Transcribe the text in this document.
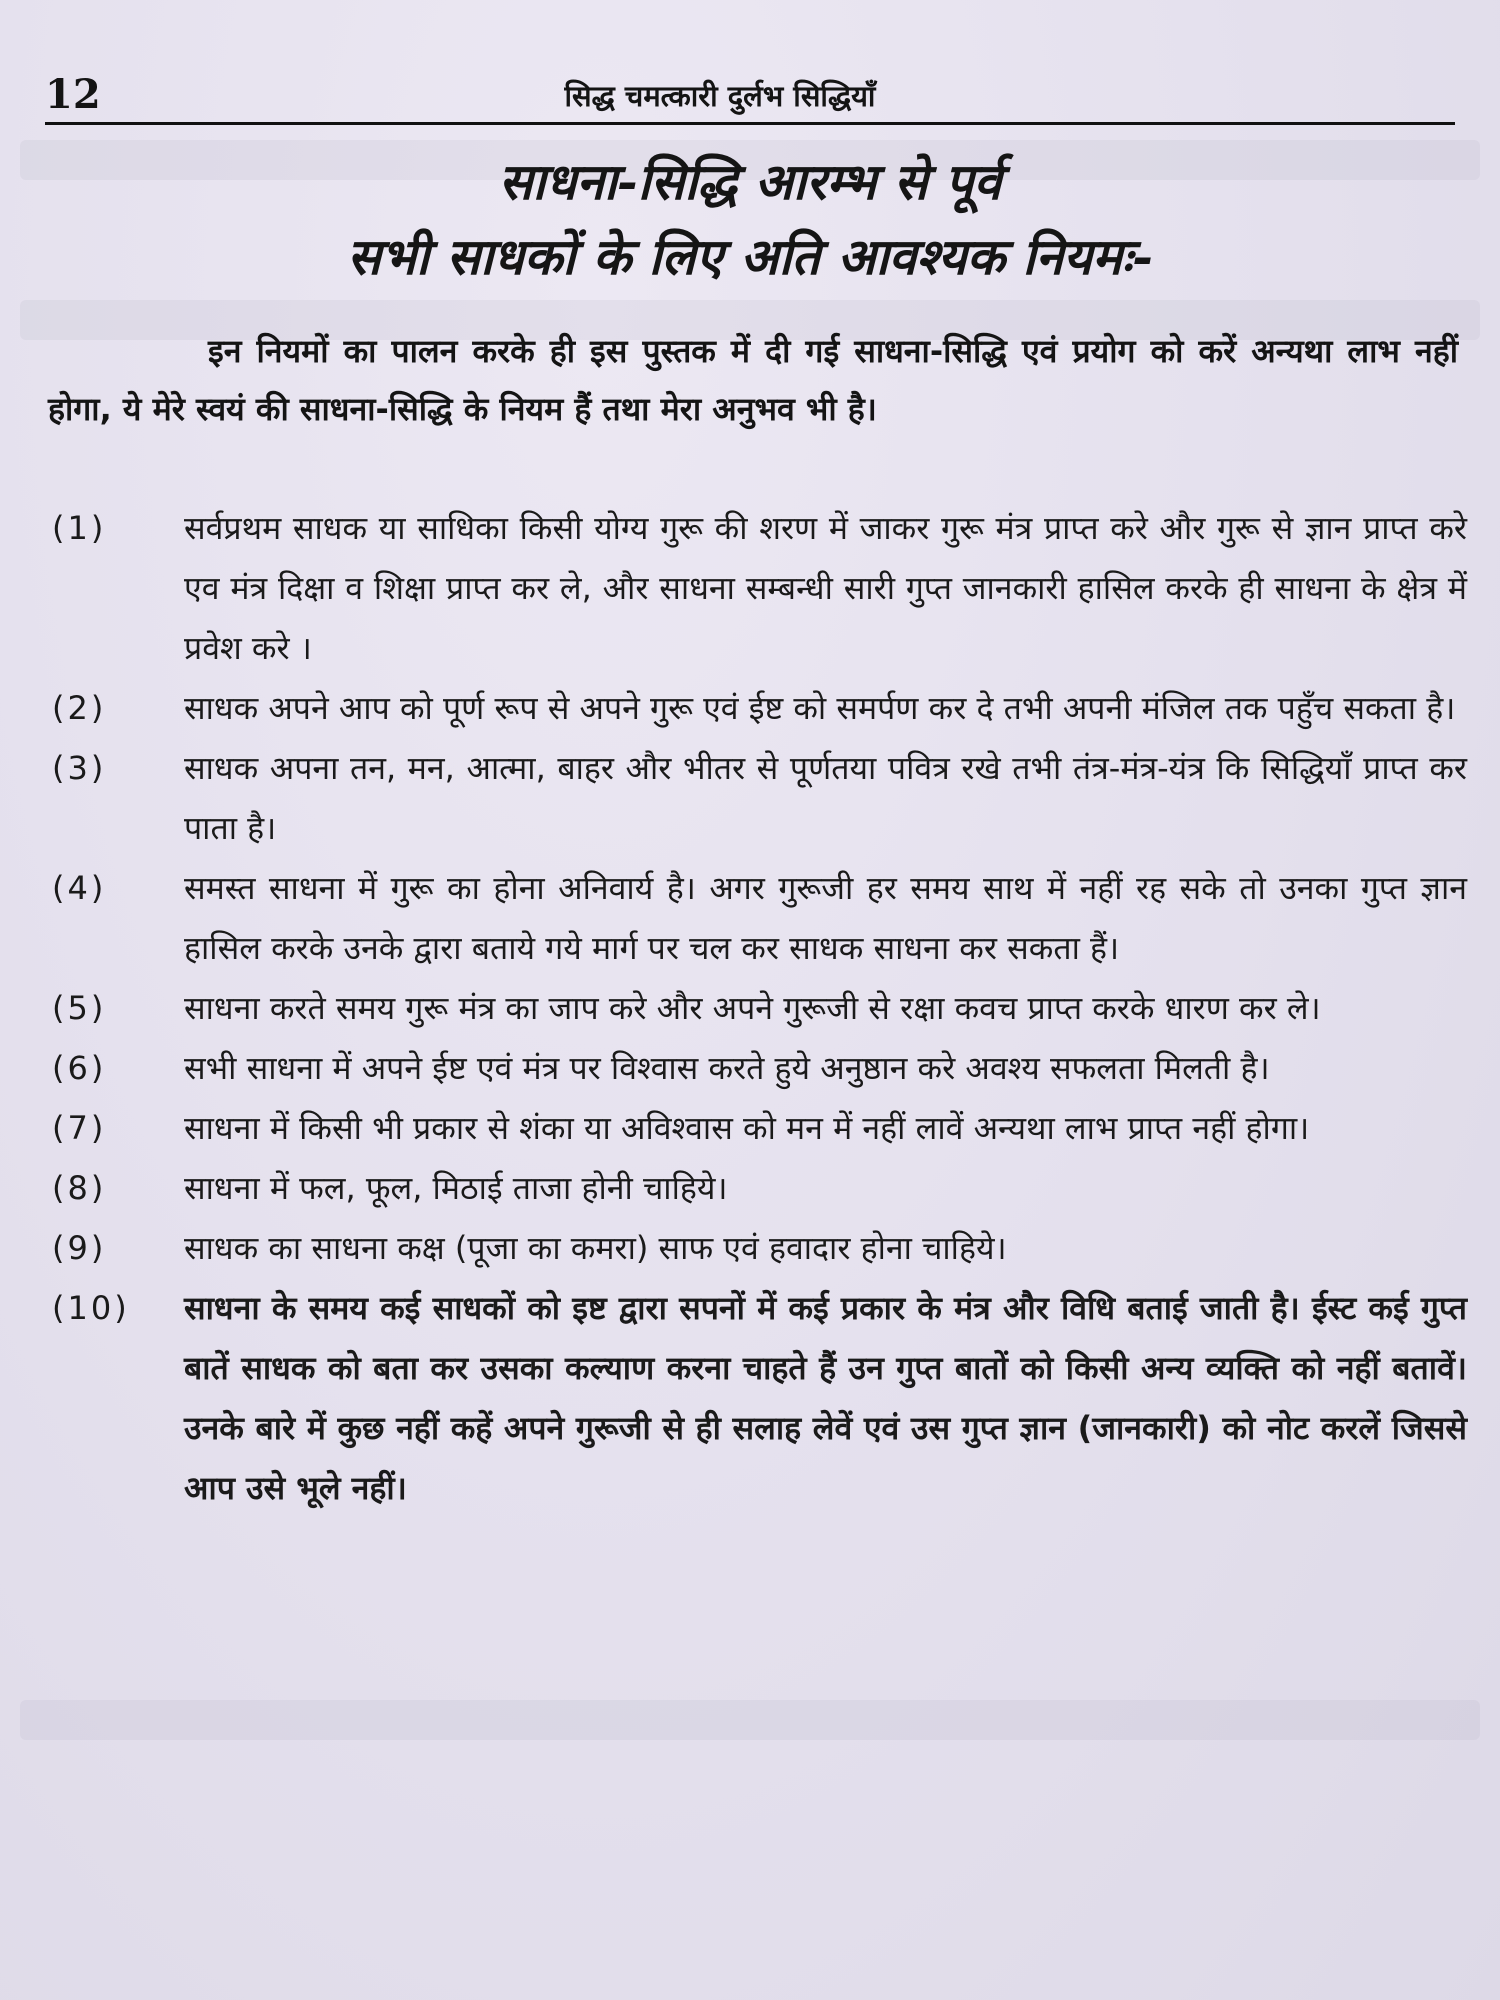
12	सिद्ध चमत्कारी दुर्लभ सिद्धियाँ
साधना-सिद्धि आरम्भ से पूर्व
सभी साधकों के लिए अति आवश्यक नियमः-

इन नियमों का पालन करके ही इस पुस्तक में दी गई साधना-सिद्धि एवं प्रयोग को करें अन्यथा लाभ नहीं होगा, ये मेरे स्वयं की साधना-सिद्धि के नियम हैं तथा मेरा अनुभव भी है।

(1) सर्वप्रथम साधक या साधिका किसी योग्य गुरू की शरण में जाकर गुरू मंत्र प्राप्त करे और गुरू से ज्ञान प्राप्त करे एव मंत्र दिक्षा व शिक्षा प्राप्त कर ले, और साधना सम्बन्धी सारी गुप्त जानकारी हासिल करके ही साधना के क्षेत्र में प्रवेश करे ।
(2) साधक अपने आप को पूर्ण रूप से अपने गुरू एवं ईष्ट को समर्पण कर दे तभी अपनी मंजिल तक पहुँच सकता है।
(3) साधक अपना तन, मन, आत्मा, बाहर और भीतर से पूर्णतया पवित्र रखे तभी तंत्र-मंत्र-यंत्र कि सिद्धियाँ प्राप्त कर पाता है।
(4) समस्त साधना में गुरू का होना अनिवार्य है। अगर गुरूजी हर समय साथ में नहीं रह सके तो उनका गुप्त ज्ञान हासिल करके उनके द्वारा बताये गये मार्ग पर चल कर साधक साधना कर सकता हैं।
(5) साधना करते समय गुरू मंत्र का जाप करे और अपने गुरूजी से रक्षा कवच प्राप्त करके धारण कर ले।
(6) सभी साधना में अपने ईष्ट एवं मंत्र पर विश्वास करते हुये अनुष्ठान करे अवश्य सफलता मिलती है।
(7) साधना में किसी भी प्रकार से शंका या अविश्वास को मन में नहीं लावें अन्यथा लाभ प्राप्त नहीं होगा।
(8) साधना में फल, फूल, मिठाई ताजा होनी चाहिये।
(9) साधक का साधना कक्ष (पूजा का कमरा) साफ एवं हवादार होना चाहिये।
(10) साधना के समय कई साधकों को इष्ट द्वारा सपनों में कई प्रकार के मंत्र और विधि बताई जाती है। ईस्ट कई गुप्त बातें साधक को बता कर उसका कल्याण करना चाहते हैं उन गुप्त बातों को किसी अन्य व्यक्ति को नहीं बतावें। उनके बारे में कुछ नहीं कहें अपने गुरूजी से ही सलाह लेवें एवं उस गुप्त ज्ञान (जानकारी) को नोट करलें जिससे आप उसे भूले नहीं।
